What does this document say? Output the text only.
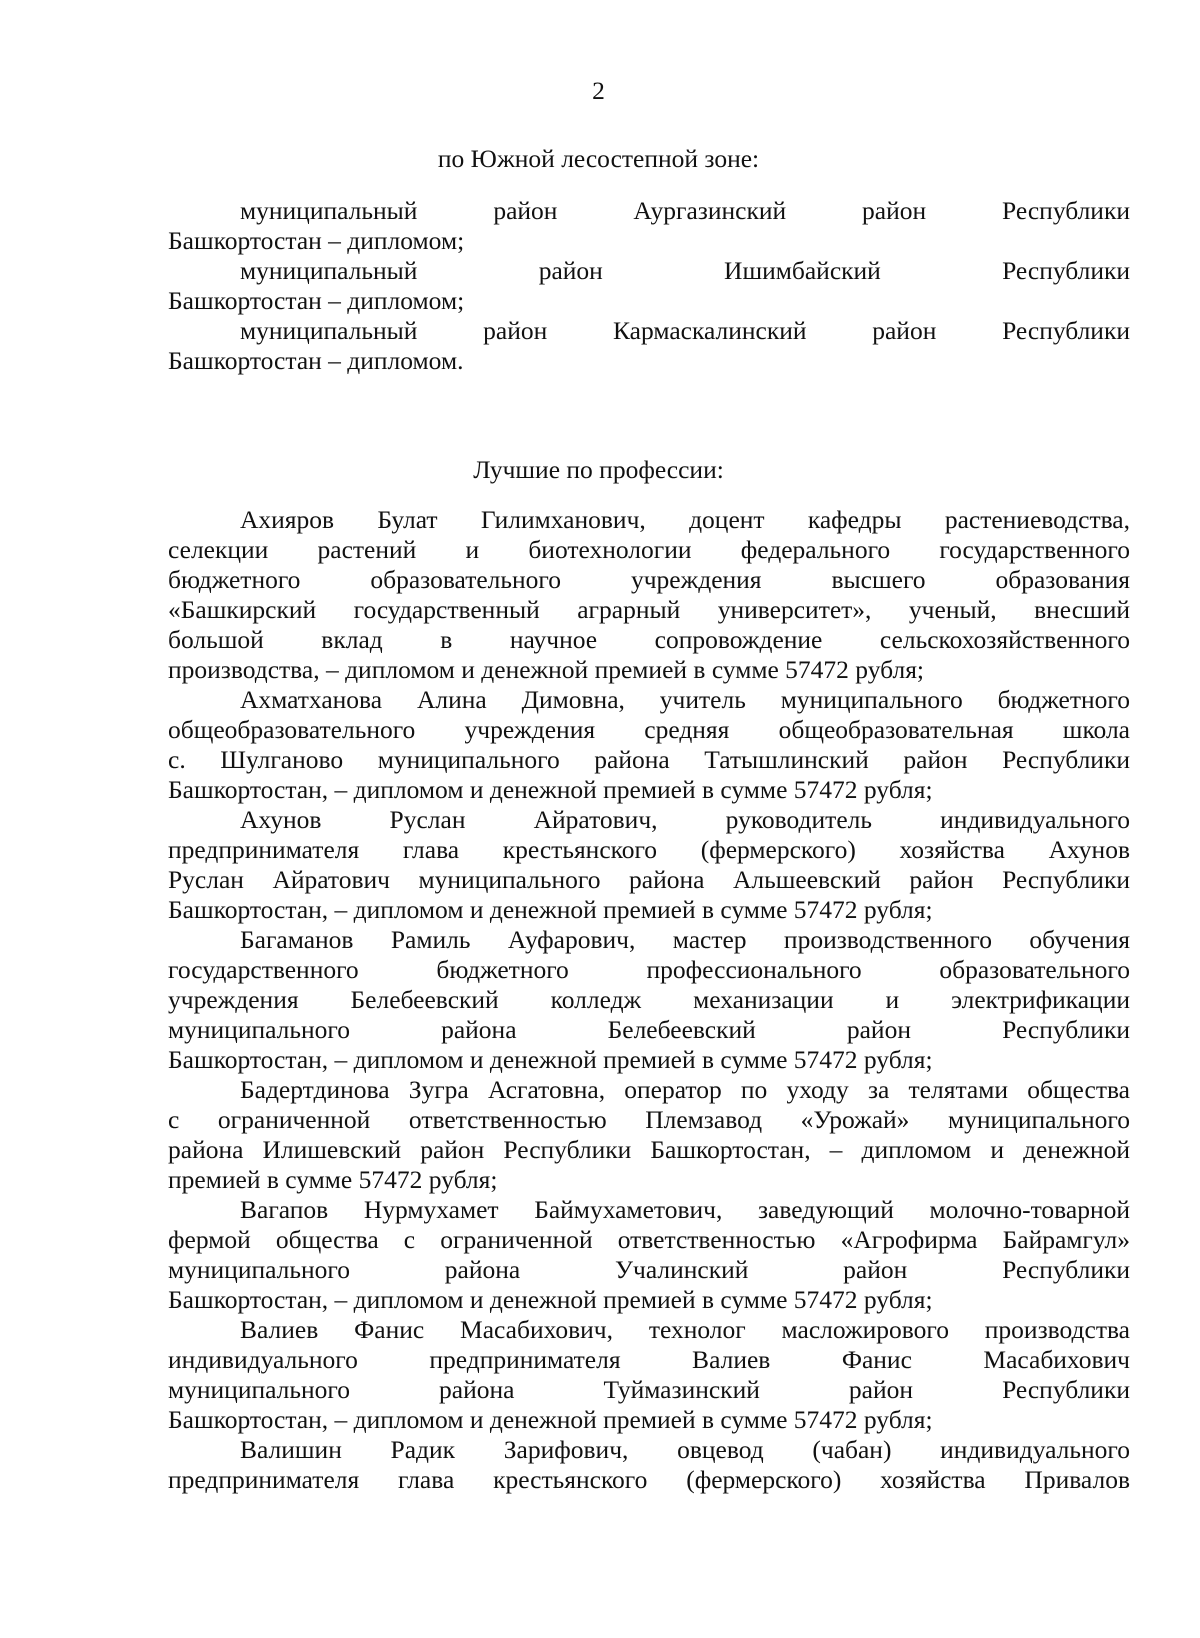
2
по Южной лесостепной зоне:
муниципальный район Аургазинский район Республики
Башкортостан – дипломом;
муниципальный район Ишимбайский Республики
Башкортостан – дипломом;
муниципальный район Кармаскалинский район Республики
Башкортостан – дипломом.
Лучшие по профессии:
Ахияров Булат Гилимханович, доцент кафедры растениеводства,
селекции растений и биотехнологии федерального государственного
бюджетного образовательного учреждения высшего образования
«Башкирский государственный аграрный университет», ученый, внесший
большой вклад в научное сопровождение сельскохозяйственного
производства, – дипломом и денежной премией в сумме 57472 рубля;
Ахматханова Алина Димовна, учитель муниципального бюджетного
общеобразовательного учреждения средняя общеобразовательная школа
с. Шулганово муниципального района Татышлинский район Республики
Башкортостан, – дипломом и денежной премией в сумме 57472 рубля;
Ахунов Руслан Айратович, руководитель индивидуального
предпринимателя глава крестьянского (фермерского) хозяйства Ахунов
Руслан Айратович муниципального района Альшеевский район Республики
Башкортостан, – дипломом и денежной премией в сумме 57472 рубля;
Багаманов Рамиль Ауфарович, мастер производственного обучения
государственного бюджетного профессионального образовательного
учреждения Белебеевский колледж механизации и электрификации
муниципального района Белебеевский район Республики
Башкортостан, – дипломом и денежной премией в сумме 57472 рубля;
Бадертдинова Зугра Асгатовна, оператор по уходу за телятами общества
с ограниченной ответственностью Племзавод «Урожай» муниципального
района Илишевский район Республики Башкортостан, – дипломом и денежной
премией в сумме 57472 рубля;
Вагапов Нурмухамет Баймухаметович, заведующий молочно-товарной
фермой общества с ограниченной ответственностью «Агрофирма Байрамгул»
муниципального района Учалинский район Республики
Башкортостан, – дипломом и денежной премией в сумме 57472 рубля;
Валиев Фанис Масабихович, технолог масложирового производства
индивидуального предпринимателя Валиев Фанис Масабихович
муниципального района Туймазинский район Республики
Башкортостан, – дипломом и денежной премией в сумме 57472 рубля;
Валишин Радик Зарифович, овцевод (чабан) индивидуального
предпринимателя глава крестьянского (фермерского) хозяйства Привалов
